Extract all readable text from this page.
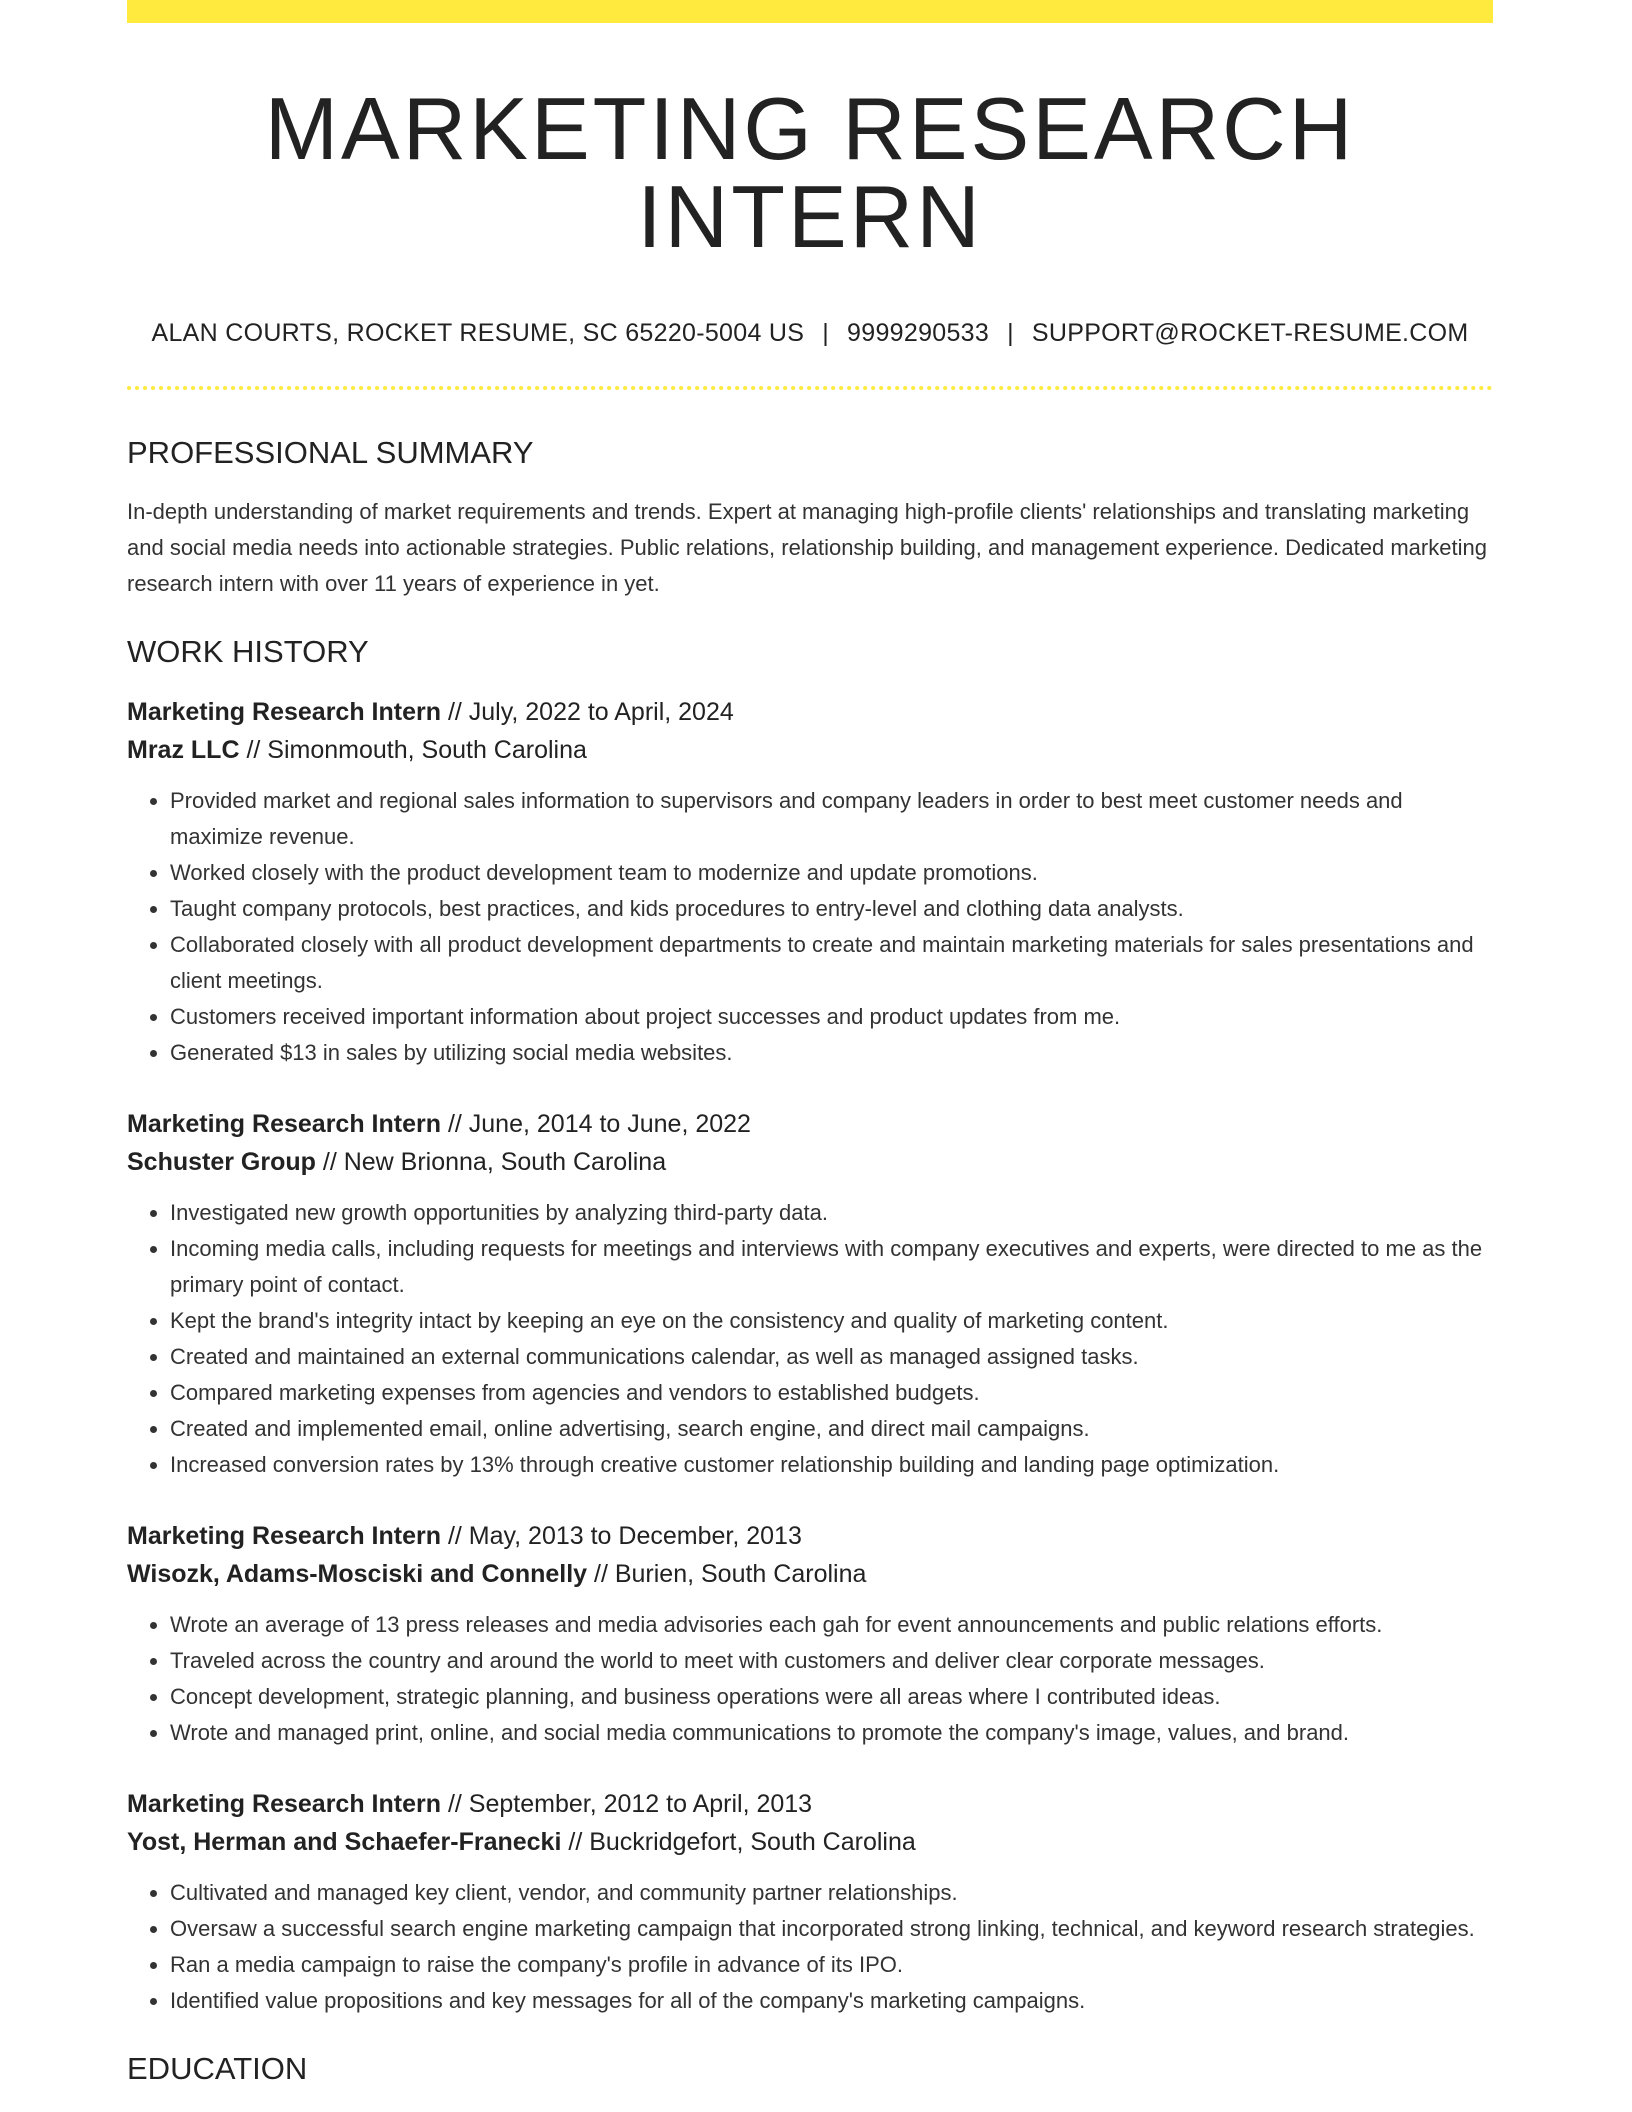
MARKETING RESEARCH INTERN
ALAN COURTS, ROCKET RESUME, SC 65220-5004 US | 9999290533 | SUPPORT@ROCKET-RESUME.COM
PROFESSIONAL SUMMARY
In-depth understanding of market requirements and trends. Expert at managing high-profile clients' relationships and translating marketing and social media needs into actionable strategies. Public relations, relationship building, and management experience. Dedicated marketing research intern with over 11 years of experience in yet.
WORK HISTORY
Marketing Research Intern // July, 2022 to April, 2024
Mraz LLC // Simonmouth, South Carolina
• Provided market and regional sales information to supervisors and company leaders in order to best meet customer needs and maximize revenue.
• Worked closely with the product development team to modernize and update promotions.
• Taught company protocols, best practices, and kids procedures to entry-level and clothing data analysts.
• Collaborated closely with all product development departments to create and maintain marketing materials for sales presentations and client meetings.
• Customers received important information about project successes and product updates from me.
• Generated $13 in sales by utilizing social media websites.
Marketing Research Intern // June, 2014 to June, 2022
Schuster Group // New Brionna, South Carolina
• Investigated new growth opportunities by analyzing third-party data.
• Incoming media calls, including requests for meetings and interviews with company executives and experts, were directed to me as the primary point of contact.
• Kept the brand's integrity intact by keeping an eye on the consistency and quality of marketing content.
• Created and maintained an external communications calendar, as well as managed assigned tasks.
• Compared marketing expenses from agencies and vendors to established budgets.
• Created and implemented email, online advertising, search engine, and direct mail campaigns.
• Increased conversion rates by 13% through creative customer relationship building and landing page optimization.
Marketing Research Intern // May, 2013 to December, 2013
Wisozk, Adams-Mosciski and Connelly // Burien, South Carolina
• Wrote an average of 13 press releases and media advisories each gah for event announcements and public relations efforts.
• Traveled across the country and around the world to meet with customers and deliver clear corporate messages.
• Concept development, strategic planning, and business operations were all areas where I contributed ideas.
• Wrote and managed print, online, and social media communications to promote the company's image, values, and brand.
Marketing Research Intern // September, 2012 to April, 2013
Yost, Herman and Schaefer-Franecki // Buckridgefort, South Carolina
• Cultivated and managed key client, vendor, and community partner relationships.
• Oversaw a successful search engine marketing campaign that incorporated strong linking, technical, and keyword research strategies.
• Ran a media campaign to raise the company's profile in advance of its IPO.
• Identified value propositions and key messages for all of the company's marketing campaigns.
EDUCATION
